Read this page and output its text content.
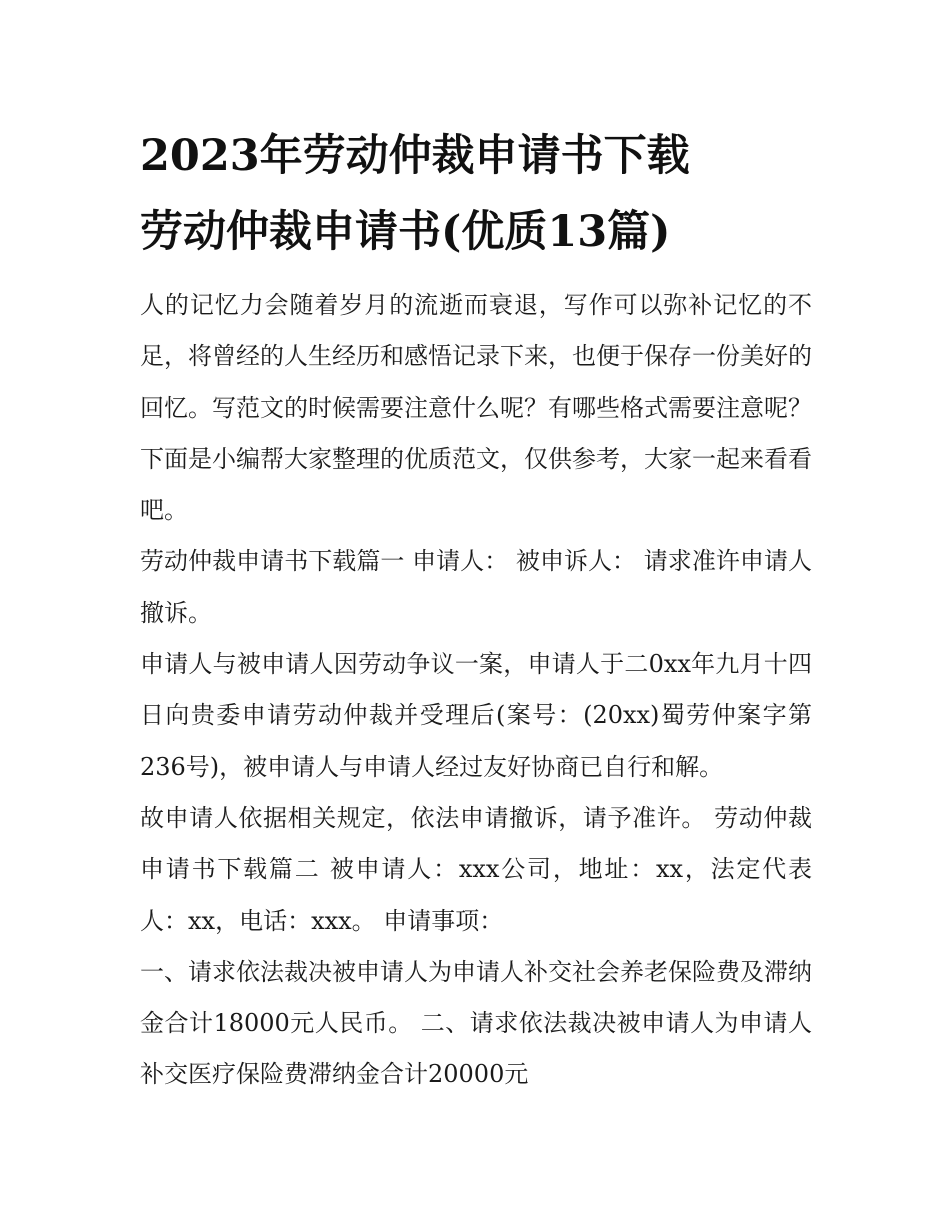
2023年劳动仲裁申请书下载
劳动仲裁申请书(优质13篇)

人的记忆力会随着岁月的流逝而衰退，写作可以弥补记忆的不足，将曾经的人生经历和感悟记录下来，也便于保存一份美好的回忆。写范文的时候需要注意什么呢？有哪些格式需要注意呢？下面是小编帮大家整理的优质范文，仅供参考，大家一起来看看吧。

劳动仲裁申请书下载篇一 申请人： 被申诉人： 请求准许申请人撤诉。

申请人与被申请人因劳动争议一案，申请人于二0xx年九月十四日向贵委申请劳动仲裁并受理后(案号：(20xx)蜀劳仲案字第236号)，被申请人与申请人经过友好协商已自行和解。

故申请人依据相关规定，依法申请撤诉，请予准许。 劳动仲裁申请书下载篇二 被申请人：xxx公司，地址：xx，法定代表人：xx，电话：xxx。 申请事项：

一、请求依法裁决被申请人为申请人补交社会养老保险费及滞纳金合计18000元人民币。 二、请求依法裁决被申请人为申请人补交医疗保险费滞纳金合计20000元
